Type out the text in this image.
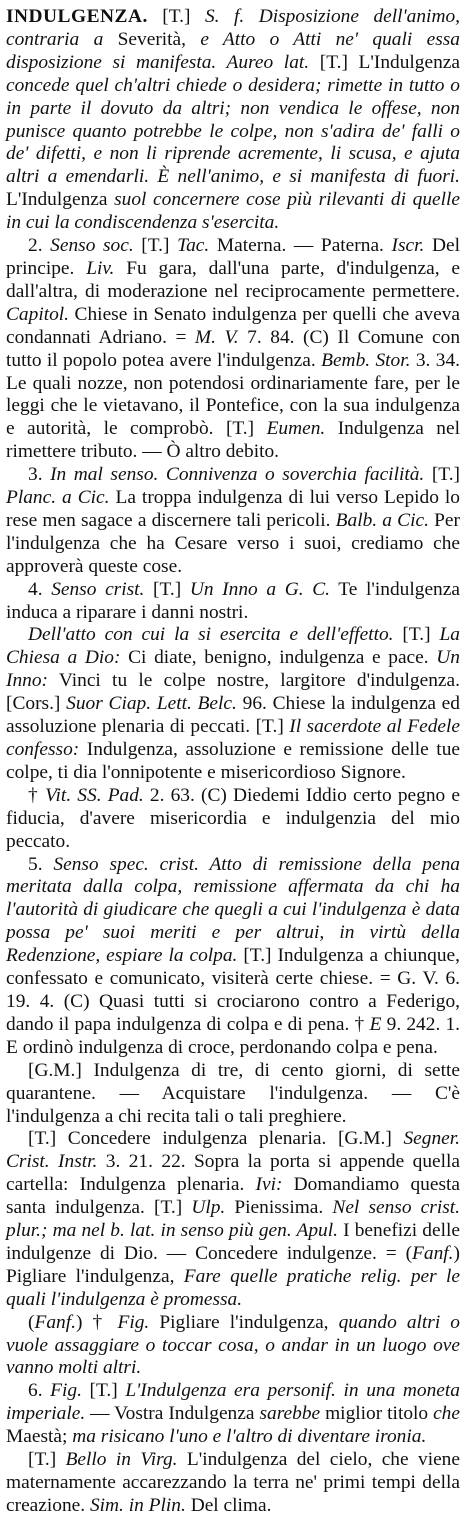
INDULGENZA. [T.] S. f. Disposizione dell'animo, contraria a Severità, e Atto o Atti ne' quali essa disposizione si manifesta. Aureo lat. [T.] L'Indulgenza concede quel ch'altri chiede o desidera; rimette in tutto o in parte il dovuto da altri; non vendica le offese, non punisce quanto potrebbe le colpe, non s'adira de' falli o de' difetti, e non li riprende acremente, li scusa, e ajuta altri a emendarli. È nell'animo, e si manifesta di fuori. L'Indulgenza suol concernere cose più rilevanti di quelle in cui la condiscendenza s'esercita.

2. Senso soc. [T.] Tac. Materna. — Paterna. Iscr. Del principe. Liv. Fu gara, dall'una parte, d'indulgenza, e dall'altra, di moderazione nel reciprocamente permettere. Capitol. Chiese in Senato indulgenza per quelli che aveva condannati Adriano. = M. V. 7. 84. (C) Il Comune con tutto il popolo potea avere l'indulgenza. Bemb. Stor. 3. 34. Le quali nozze, non potendosi ordinariamente fare, per le leggi che le vietavano, il Pontefice, con la sua indulgenza e autorità, le comprobò. [T.] Eumen. Indulgenza nel rimettere tributo. — Ò altro debito.

3. In mal senso. Connivenza o soverchia facilità. [T.] Planc. a Cic. La troppa indulgenza di lui verso Lepido lo rese men sagace a discernere tali pericoli. Balb. a Cic. Per l'indulgenza che ha Cesare verso i suoi, crediamo che approverà queste cose.

4. Senso crist. [T.] Un Inno a G. C. Te l'indulgenza induca a riparare i danni nostri.

Dell'atto con cui la si esercita e dell'effetto. [T.] La Chiesa a Dio: Ci diate, benigno, indulgenza e pace. Un Inno: Vinci tu le colpe nostre, largitore d'indulgenza. [Cors.] Suor Ciap. Lett. Belc. 96. Chiese la indulgenza ed assoluzione plenaria di peccati. [T.] Il sacerdote al Fedele confesso: Indulgenza, assoluzione e remissione delle tue colpe, ti dia l'onnipotente e misericordioso Signore.

† Vit. SS. Pad. 2. 63. (C) Diedemi Iddio certo pegno e fiducia, d'avere misericordia e indulgenzia del mio peccato.

5. Senso spec. crist. Atto di remissione della pena meritata dalla colpa, remissione affermata da chi ha l'autorità di giudicare che quegli a cui l'indulgenza è data possa pe' suoi meriti e per altrui, in virtù della Redenzione, espiare la colpa. [T.] Indulgenza a chiunque, confessato e comunicato, visiterà certe chiese. = G. V. 6. 19. 4. (C) Quasi tutti si crociarono contro a Federigo, dando il papa indulgenza di colpa e di pena. † E 9. 242. 1. E ordinò indulgenza di croce, perdonando colpa e pena.

[G.M.] Indulgenza di tre, di cento giorni, di sette quarantene. — Acquistare l'indulgenza. — C'è l'indulgenza a chi recita tali o tali preghiere.

[T.] Concedere indulgenza plenaria. [G.M.] Segner. Crist. Instr. 3. 21. 22. Sopra la porta si appende quella cartella: Indulgenza plenaria. Ivi: Domandiamo questa santa indulgenza. [T.] Ulp. Pienissima. Nel senso crist. plur.; ma nel b. lat. in senso più gen. Apul. I benefizi delle indulgenze di Dio. — Concedere indulgenze. = (Fanf.) Pigliare l'indulgenza, Fare quelle pratiche relig. per le quali l'indulgenza è promessa.

(Fanf.) † Fig. Pigliare l'indulgenza, quando altri o vuole assaggiare o toccar cosa, o andar in un luogo ove vanno molti altri.

6. Fig. [T.] L'Indulgenza era personif. in una moneta imperiale. — Vostra Indulgenza sarebbe miglior titolo che Maestà; ma risicano l'uno e l'altro di diventare ironia.

[T.] Bello in Virg. L'indulgenza del cielo, che viene maternamente accarezzando la terra ne' primi tempi della creazione. Sim. in Plin. Del clima.
